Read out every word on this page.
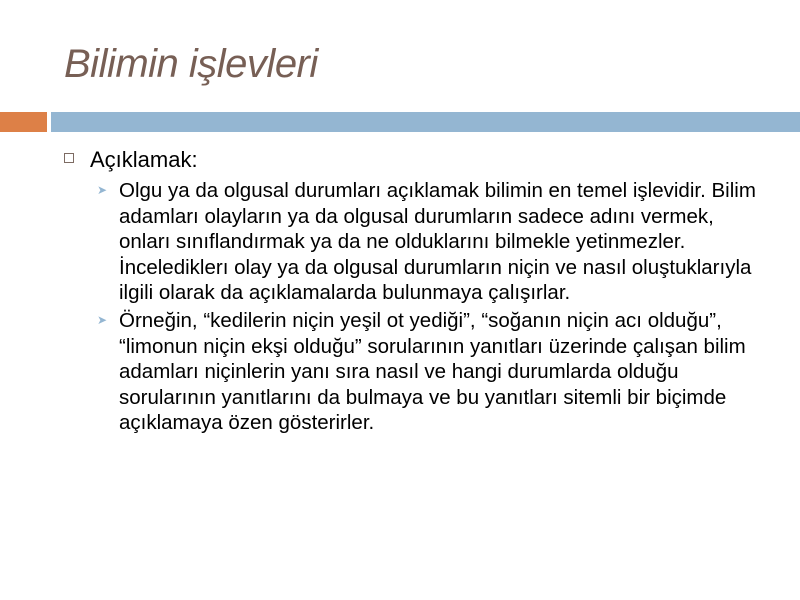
Bilimin işlevleri
Açıklamak:
➤ Olgu ya da olgusal durumları açıklamak bilimin en temel işlevidir. Bilim adamları olayların ya da olgusal durumların sadece adını vermek, onları sınıflandırmak ya da ne olduklarını bilmekle yetinmezler. İncelediklerı olay ya da olgusal durumların niçin ve nasıl oluştuklarıyla ilgili olarak da açıklamalarda bulunmaya çalışırlar.
➤ Örneğin, “kedilerin niçin yeşil ot yediği”, “soğanın niçin acı olduğu”, “limonun niçin ekşi olduğu” sorularının yanıtları üzerinde çalışan bilim adamları niçinlerin yanı sıra nasıl ve hangi durumlarda olduğu sorularının yanıtlarını da bulmaya ve bu yanıtları sitemli bir biçimde açıklamaya özen gösterirler.
